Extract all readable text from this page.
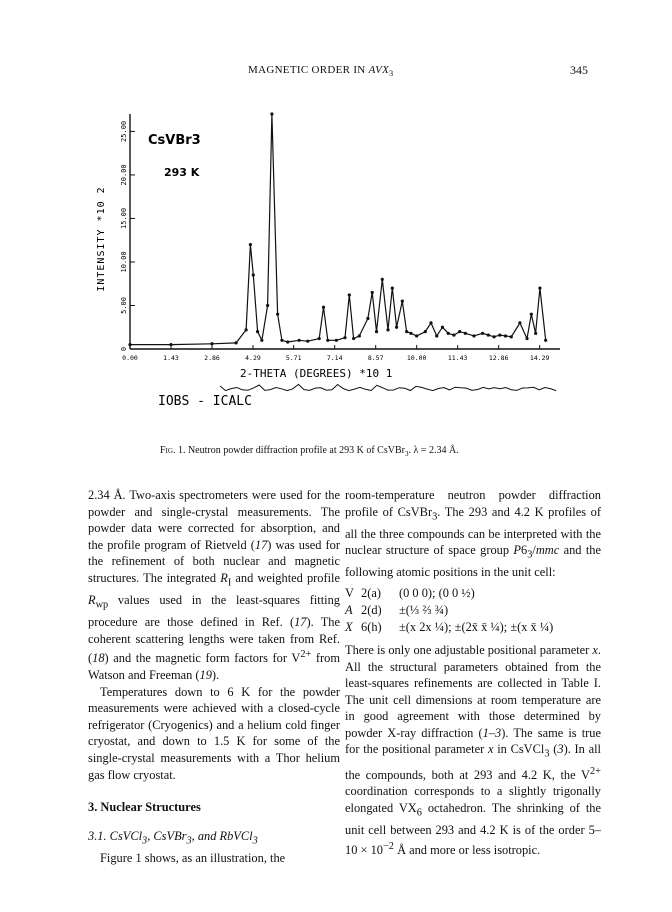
MAGNETIC ORDER IN $AVX_3$	345
0
5.00
10.00
15.00
20.00
25.00
0.00	1.43	2.86	4.29	5.71	7.14	8.57	10.00	11.43	12.86	14.29
INTENSITY *10 2
CsVBr3
293 K
2-THETA (DEGREES) *10 1
IOBS - ICALC
Fig. 1. Neutron powder diffraction profile at 293 K of CsVBr$_3$. λ = 2.34 Å.

2.34 Å. Two-axis spectrometers were used for the powder and single-crystal measurements. The powder data were corrected for absorption, and the profile program of Rietveld (17) was used for the refinement of both nuclear and magnetic structures. The integrated $R_I$ and weighted profile $R_{wp}$ values used in the least-squares fitting procedure are those defined in Ref. (17). The coherent scattering lengths were taken from Ref. (18) and the magnetic form factors for $V^{2+}$ from Watson and Freeman (19).

Temperatures down to 6 K for the powder measurements were achieved with a closed-cycle refrigerator (Cryogenics) and a helium cold finger cryostat, and down to 1.5 K for some of the single-crystal measurements with a Thor helium gas flow cryostat.

3. Nuclear Structures

3.1. CsVCl$_3$, CsVBr$_3$, and RbVCl$_3$

Figure 1 shows, as an illustration, the

room-temperature neutron powder diffraction profile of CsVBr$_3$. The 293 and 4.2 K profiles of all the three compounds can be interpreted with the nuclear structure of space group $P6_3$/mmc and the following atomic positions in the unit cell:

V 2(a) (0 0 0); (0 0 ½)
A 2(d) ±(⅓ ⅔ ¾)
X 6(h) ±(x 2x ¼); ±(2x̄ x̄ ¼); ±(x x̄ ¼)

There is only one adjustable positional parameter x. All the structural parameters obtained from the least-squares refinements are collected in Table I. The unit cell dimensions at room temperature are in good agreement with those determined by powder X-ray diffraction (1–3). The same is true for the positional parameter x in CsVCl$_3$ (3). In all the compounds, both at 293 and 4.2 K, the $V^{2+}$ coordination corresponds to a slightly trigonally elongated $VX_6$ octahedron. The shrinking of the unit cell between 293 and 4.2 K is of the order $5-10 \times 10^{-2}$ Å and more or less isotropic.
